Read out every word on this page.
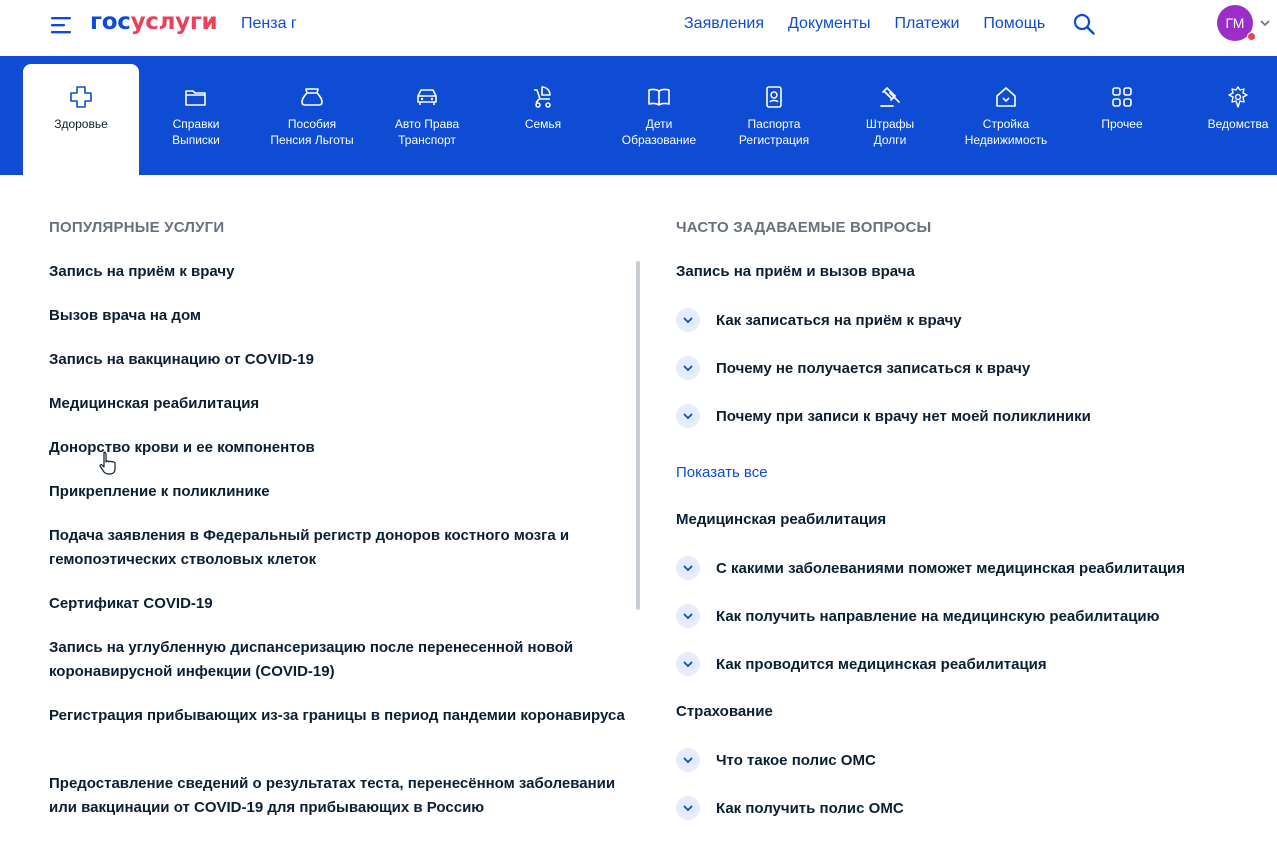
госуслуги Пенза г	Заявления Документы Платежи Помощь	ГМ
Здоровье	Справки
Выписки
Пособия
Пенсия Льготы
Авто Права
Транспорт
Семья	Дети
Образование
Паспорта
Регистрация
Штрафы
Долги
Стройка
Недвижимость
Прочее	Ведомства
ПОПУЛЯРНЫЕ УСЛУГИ
Запись на приём к врачу
Вызов врача на дом
Запись на вакцинацию от COVID-19
Медицинская реабилитация
Донорство крови и ее компонентов
Прикрепление к поликлинике
Подача заявления в Федеральный регистр доноров костного мозга и гемопоэтических стволовых клеток
Сертификат COVID-19
Запись на углубленную диспансеризацию после перенесенной новой коронавирусной инфекции (COVID-19)
Регистрация прибывающих из-за границы в период пандемии коронавируса
Предоставление сведений о результатах теста, перенесённом заболевании или вакцинации от COVID-19 для прибывающих в Россию
ЧАСТО ЗАДАВАЕМЫЕ ВОПРОСЫ
Запись на приём и вызов врача
Как записаться на приём к врачу
Почему не получается записаться к врачу
Почему при записи к врачу нет моей поликлиники
Показать все
Медицинская реабилитация
С какими заболеваниями поможет медицинская реабилитация
Как получить направление на медицинскую реабилитацию
Как проводится медицинская реабилитация
Страхование
Что такое полис ОМС
Как получить полис ОМС
